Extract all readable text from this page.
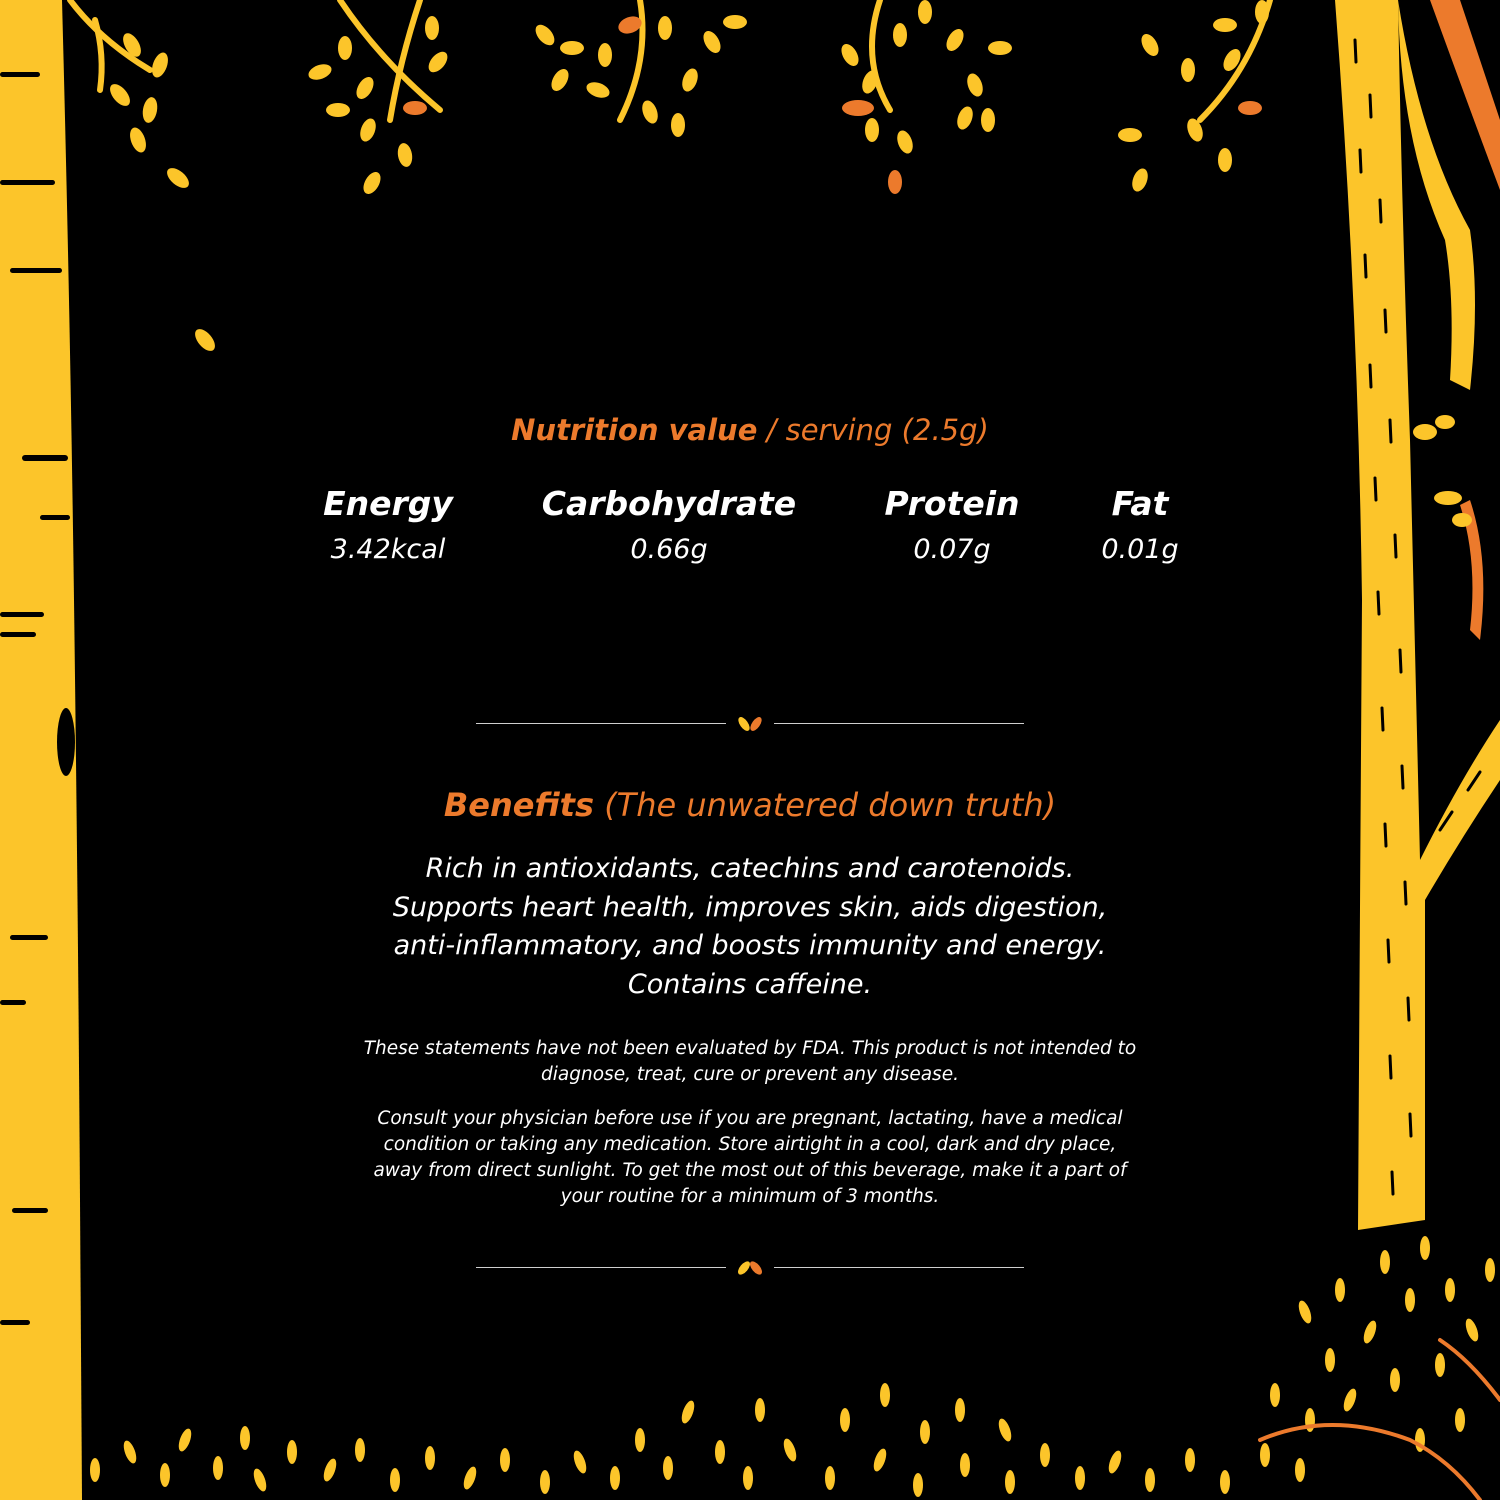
Nutrition value / serving (2.5g)
Energy
3.42kcal
Carbohydrate
0.66g
Protein
0.07g
Fat
0.01g
Benefits (The unwatered down truth)
Rich in antioxidants, catechins and carotenoids.
Supports heart health, improves skin, aids digestion,
anti-inflammatory, and boosts immunity and energy.
Contains caffeine.
These statements have not been evaluated by FDA. This product is not intended to
diagnose, treat, cure or prevent any disease.
Consult your physician before use if you are pregnant, lactating, have a medical
condition or taking any medication. Store airtight in a cool, dark and dry place,
away from direct sunlight. To get the most out of this beverage, make it a part of
your routine for a minimum of 3 months.
